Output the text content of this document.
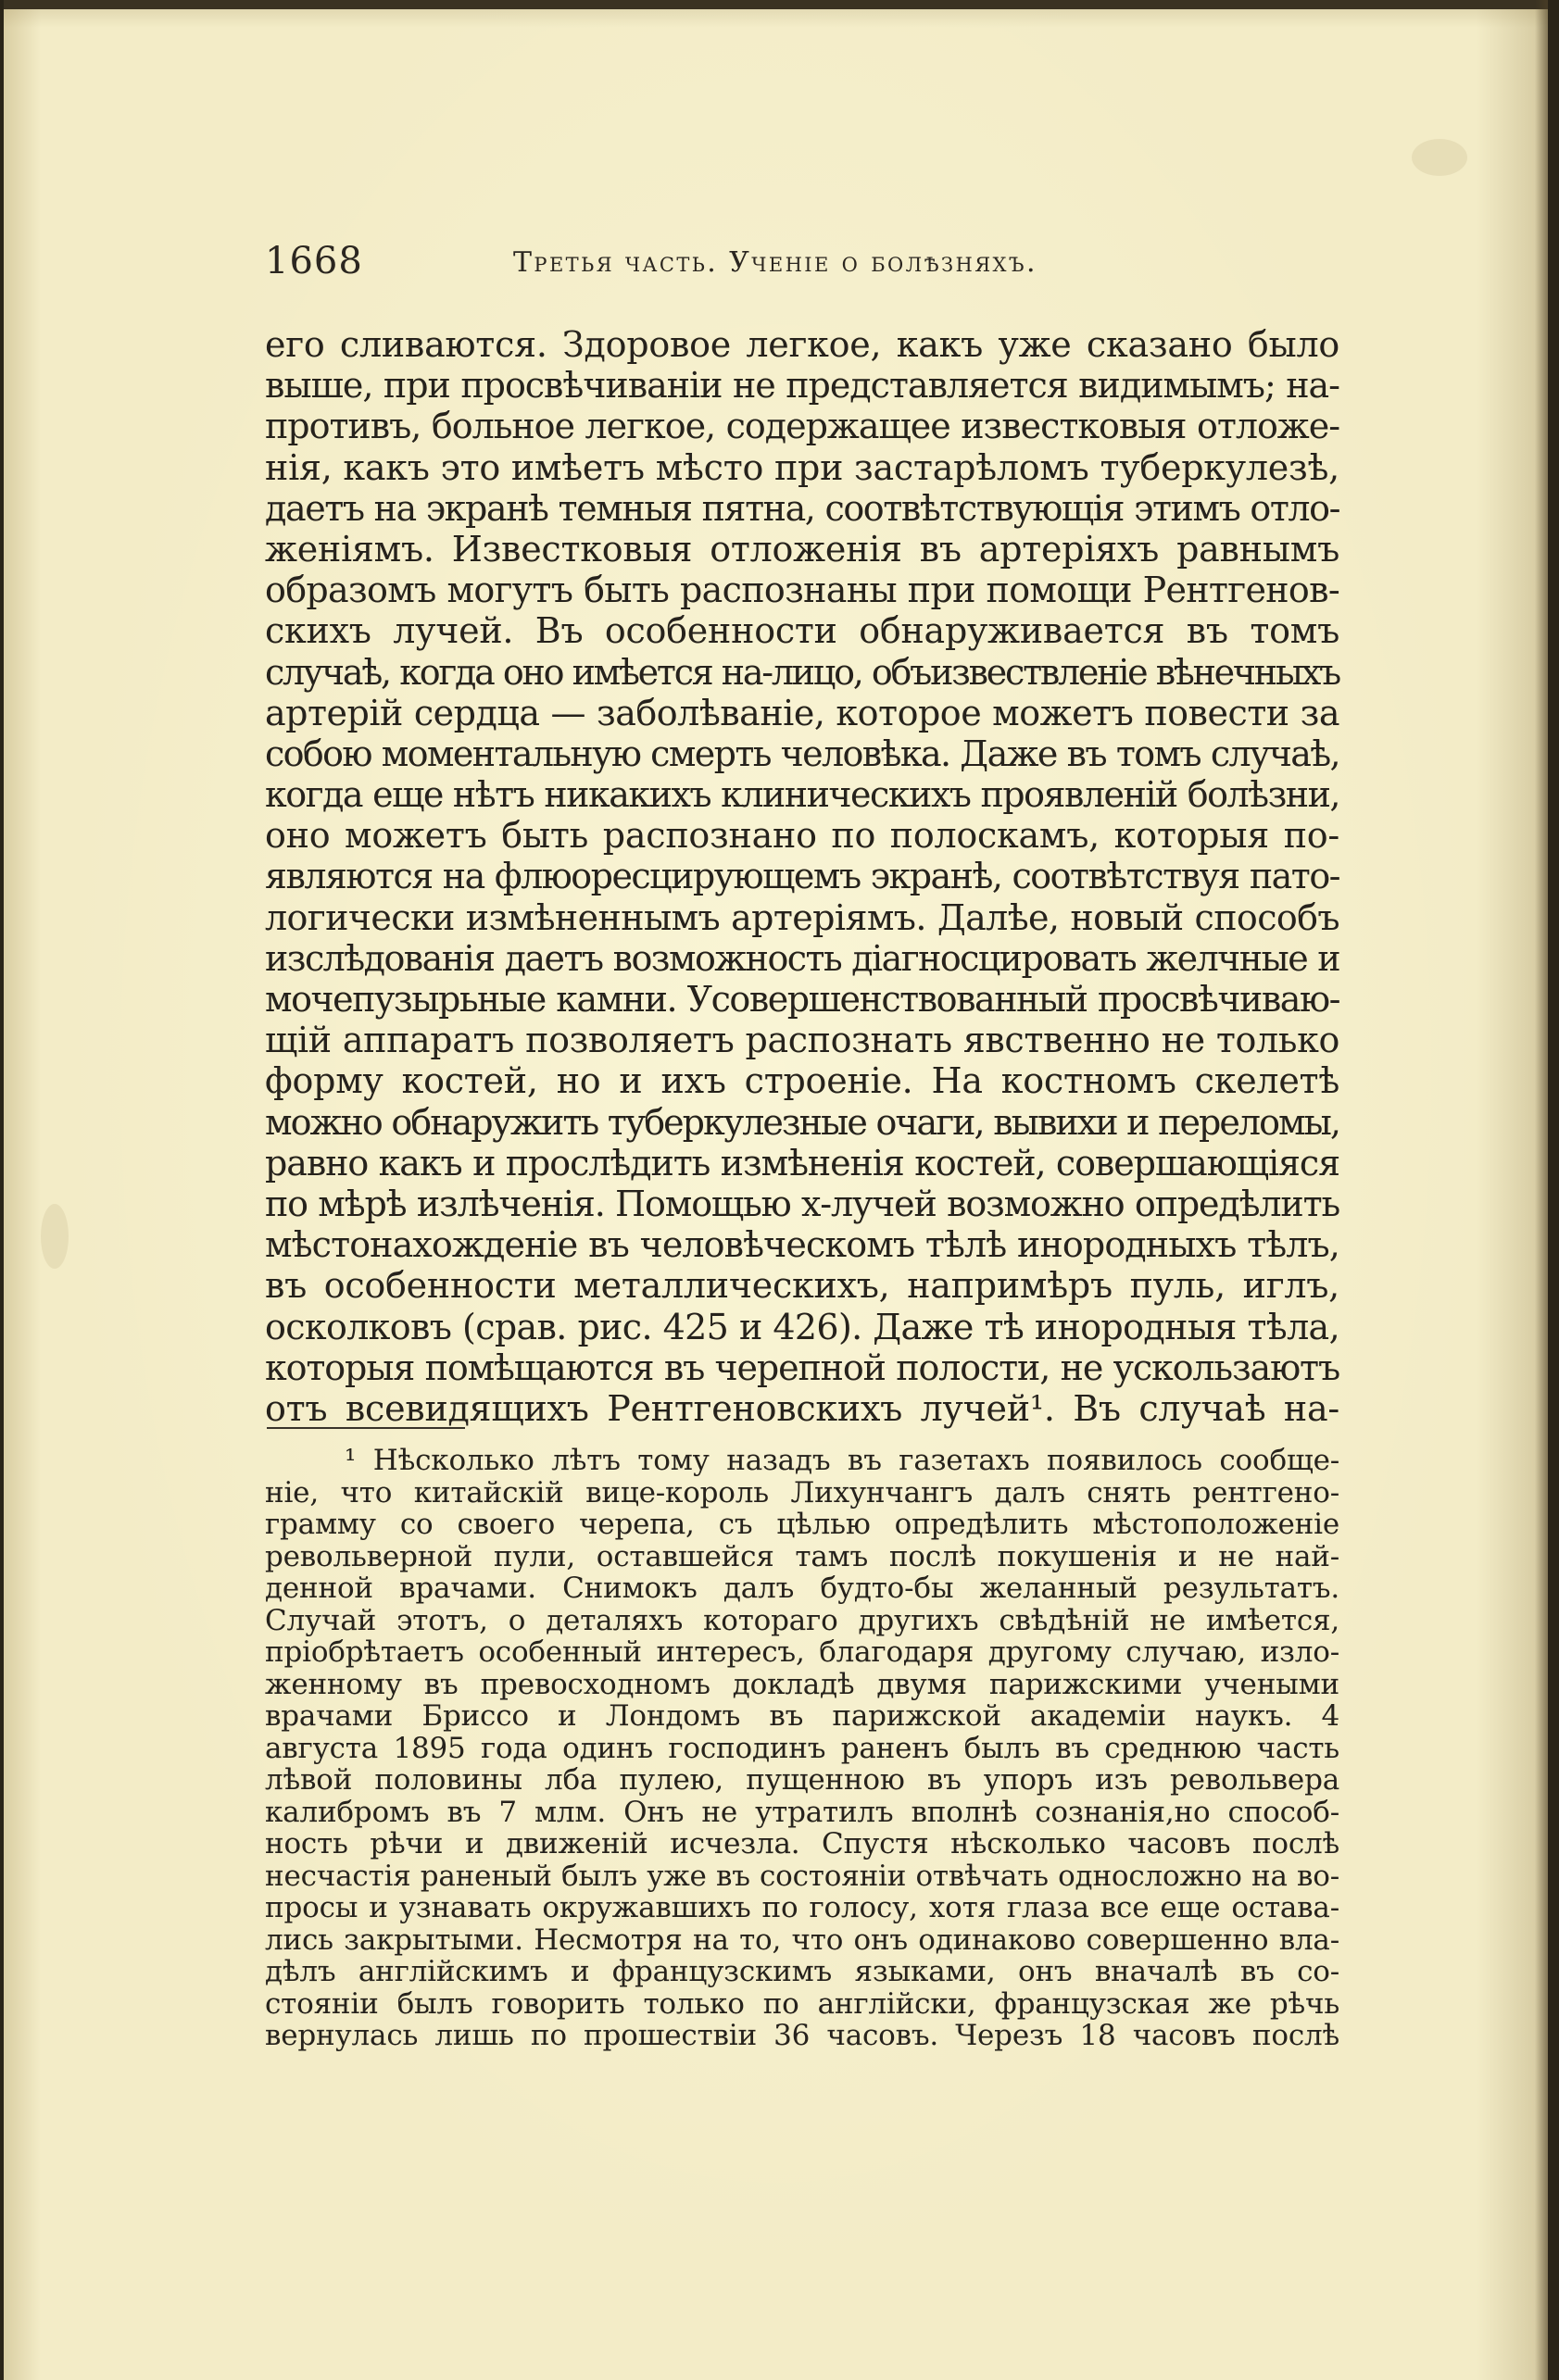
1668	Третья часть. Ученіе о болѣзняхъ.
его сливаются. Здоровое легкое, какъ уже сказано было
выше, при просвѣчиваніи не представляется видимымъ; на-
противъ, больное легкое, содержащее известковыя отложе-
нія, какъ это имѣетъ мѣсто при застарѣломъ туберкулезѣ,
даетъ на экранѣ темныя пятна, соотвѣтствующія этимъ отло-
женіямъ. Известковыя отложенія въ артеріяхъ равнымъ
образомъ могутъ быть распознаны при помощи Рентгенов-
скихъ лучей. Въ особенности обнаруживается въ томъ
случаѣ, когда оно имѣется на-лицо, объизвествленіе вѣнечныхъ
артерій сердца — заболѣваніе, которое можетъ повести за
собою моментальную смерть человѣка. Даже въ томъ случаѣ,
когда еще нѣтъ никакихъ клиническихъ проявленій болѣзни,
оно можетъ быть распознано по полоскамъ, которыя по-
являются на флюоресцирующемъ экранѣ, соотвѣтствуя пато-
логически измѣненнымъ артеріямъ. Далѣе, новый способъ
изслѣдованія даетъ возможность діагносцировать желчные и
мочепузырьные камни. Усовершенствованный просвѣчиваю-
щій аппаратъ позволяетъ распознать явственно не только
форму костей, но и ихъ строеніе. На костномъ скелетѣ
можно обнаружить туберкулезные очаги, вывихи и переломы,
равно какъ и прослѣдить измѣненія костей, совершающіяся
по мѣрѣ излѣченія. Помощью х-лучей возможно опредѣлить
мѣстонахожденіе въ человѣческомъ тѣлѣ инородныхъ тѣлъ,
въ особенности металлическихъ, напримѣръ пуль, иглъ,
осколковъ (срав. рис. 425 и 426). Даже тѣ инородныя тѣла,
которыя помѣщаются въ черепной полости, не ускользаютъ
отъ всевидящихъ Рентгеновскихъ лучей¹. Въ случаѣ на-
¹ Нѣсколько лѣтъ тому назадъ въ газетахъ появилось сообще-
ніе, что китайскій вице-король Лихунчангъ далъ снять рентгено-
грамму со своего черепа, съ цѣлью опредѣлить мѣстоположеніе
револьверной пули, оставшейся тамъ послѣ покушенія и не най-
денной врачами. Снимокъ далъ будто-бы желанный результатъ.
Случай этотъ, о деталяхъ котораго другихъ свѣдѣній не имѣется,
пріобрѣтаетъ особенный интересъ, благодаря другому случаю, изло-
женному въ превосходномъ докладѣ двумя парижскими учеными
врачами Бриссо и Лондомъ въ парижской академіи наукъ. 4
августа 1895 года одинъ господинъ раненъ былъ въ среднюю часть
лѣвой половины лба пулею, пущенною въ упоръ изъ револьвера
калибромъ въ 7 млм. Онъ не утратилъ вполнѣ сознанія,но способ-
ность рѣчи и движеній исчезла. Спустя нѣсколько часовъ послѣ
несчастія раненый былъ уже въ состояніи отвѣчать односложно на во-
просы и узнавать окружавшихъ по голосу, хотя глаза все еще остава-
лись закрытыми. Несмотря на то, что онъ одинаково совершенно вла-
дѣлъ англійскимъ и французскимъ языками, онъ вначалѣ въ со-
стояніи былъ говорить только по англійски, французская же рѣчь
вернулась лишь по прошествіи 36 часовъ. Черезъ 18 часовъ послѣ
